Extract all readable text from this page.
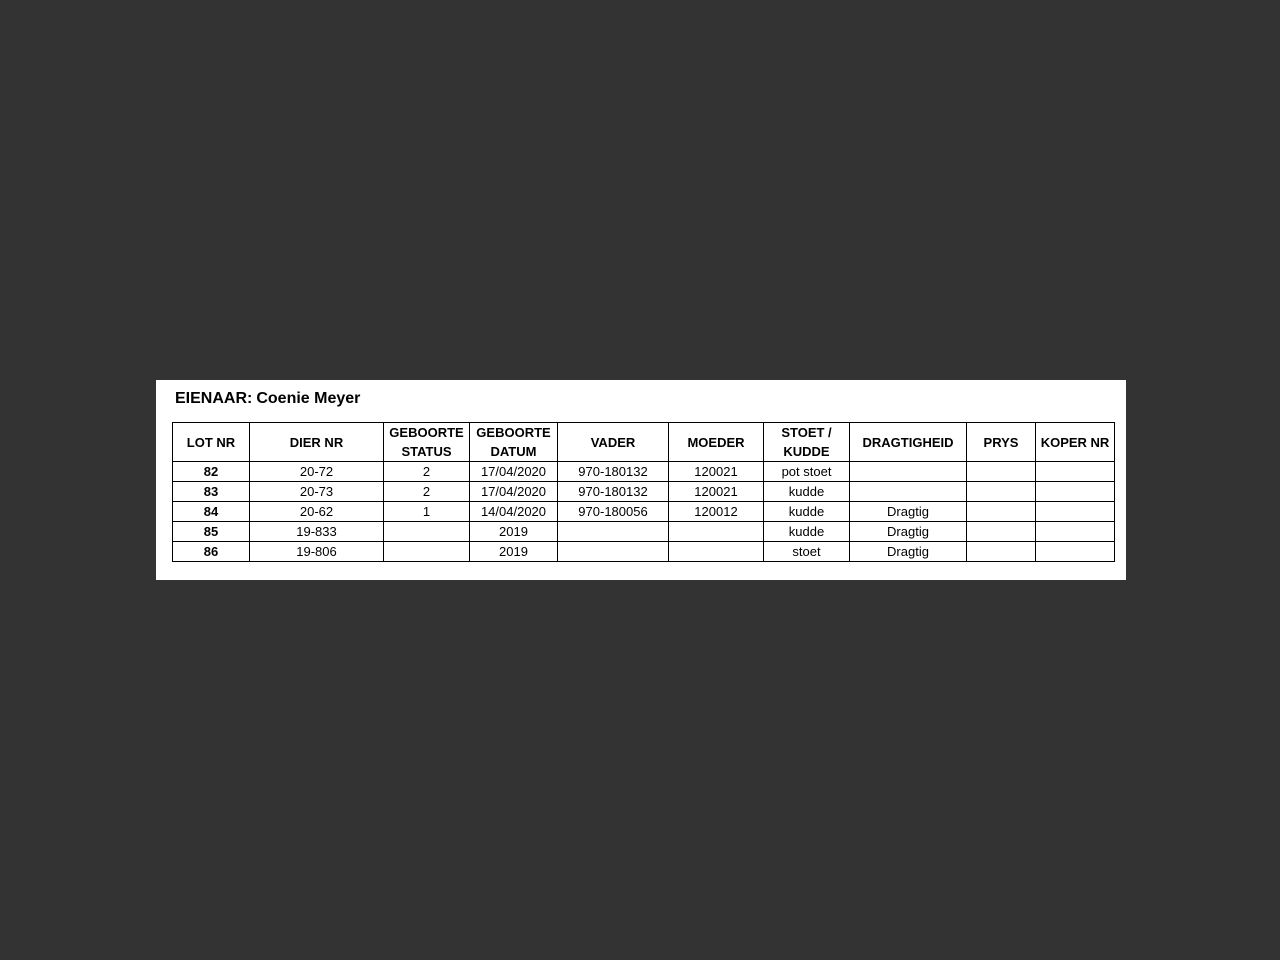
EIENAAR: Coenie Meyer
LOT NR	DIER NR	GEBOORTE STATUS	GEBOORTE DATUM	VADER	MOEDER	STOET / KUDDE	DRAGTIGHEID	PRYS	KOPER NR
82	20-72	2	17/04/2020	970-180132	120021	pot stoet			
83	20-73	2	17/04/2020	970-180132	120021	kudde			
84	20-62	1	14/04/2020	970-180056	120012	kudde	Dragtig		
85	19-833		2019			kudde	Dragtig		
86	19-806		2019			stoet	Dragtig		
